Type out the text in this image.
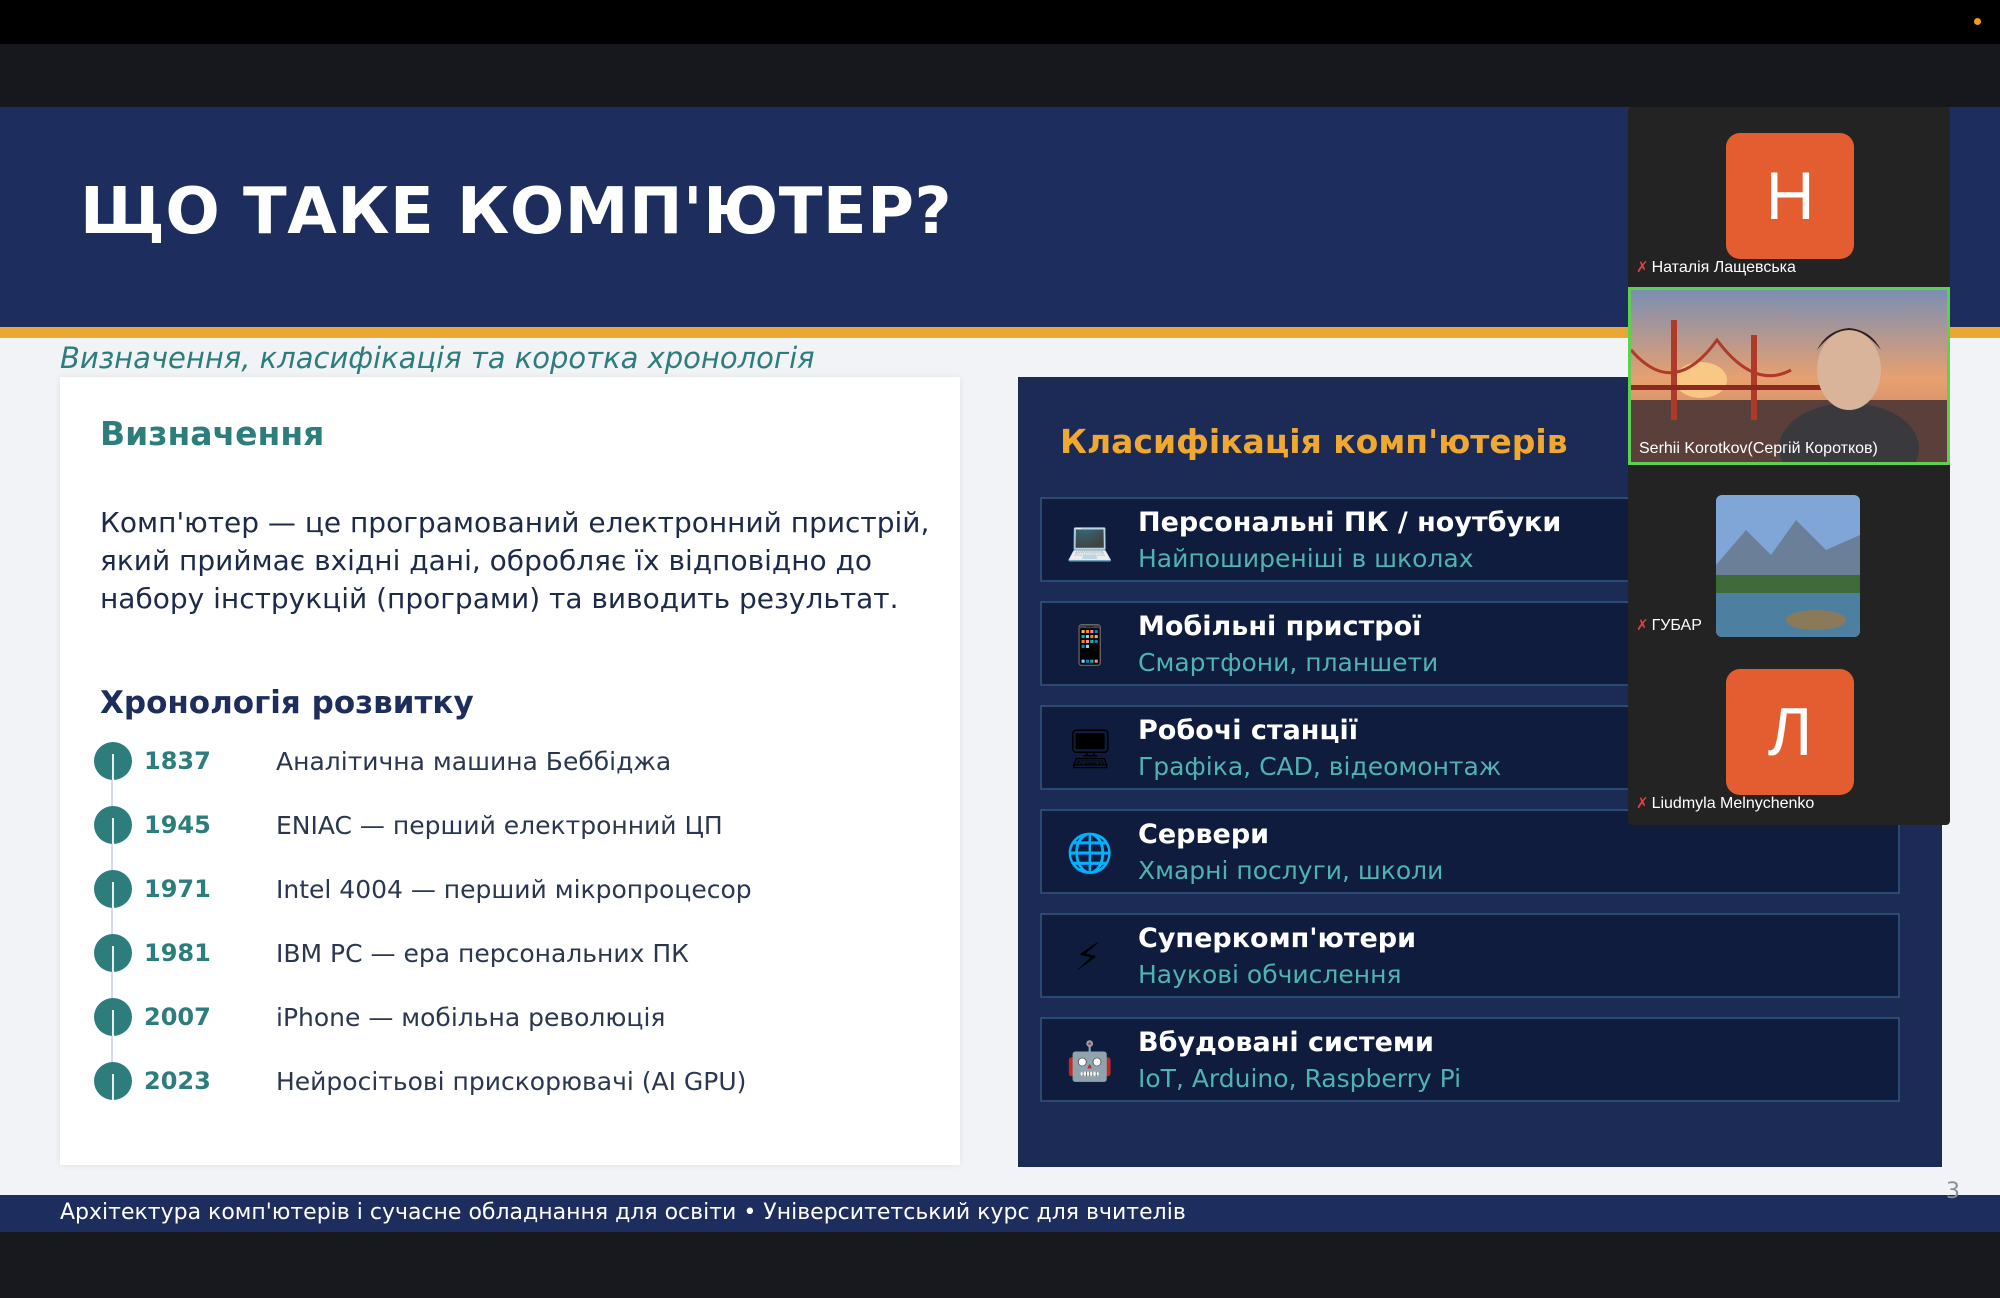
ЩО ТАКЕ КОМП'ЮТЕР?
Визначення, класифікація та коротка хронологія
Визначення
Комп'ютер — це програмований електронний пристрій, який приймає вхідні дані, обробляє їх відповідно до набору інструкцій (програми) та виводить результат.
Хронологія розвитку
1837	Аналітична машина Беббіджа
1945	ENIAC — перший електронний ЦП
1971	Intel 4004 — перший мікропроцесор
1981	IBM PC — ера персональних ПК
2007	iPhone — мобільна революція
2023	Нейросітьові прискорювачі (AI GPU)
Класифікація комп'ютерів
💻 Персональні ПК / ноутбуки
Найпоширеніші в школах
📱 Мобільні пристрої
Смартфони, планшети
🖥 Робочі станції
Графіка, CAD, відеомонтаж
🌐 Сервери
Хмарні послуги, школи
⚡	Суперкомп'ютери
Наукові обчислення
🤖 Вбудовані системи
IoT, Arduino, Raspberry Pi
Архітектура комп'ютерів і сучасне обладнання для освіти • Університетський курс для вчителів
3
Н
✗ Наталія Лащевська
Serhii Korotkov(Сергій Коротков)
✗ ГУБАР
Л
✗ Liudmyla Melnychenko
